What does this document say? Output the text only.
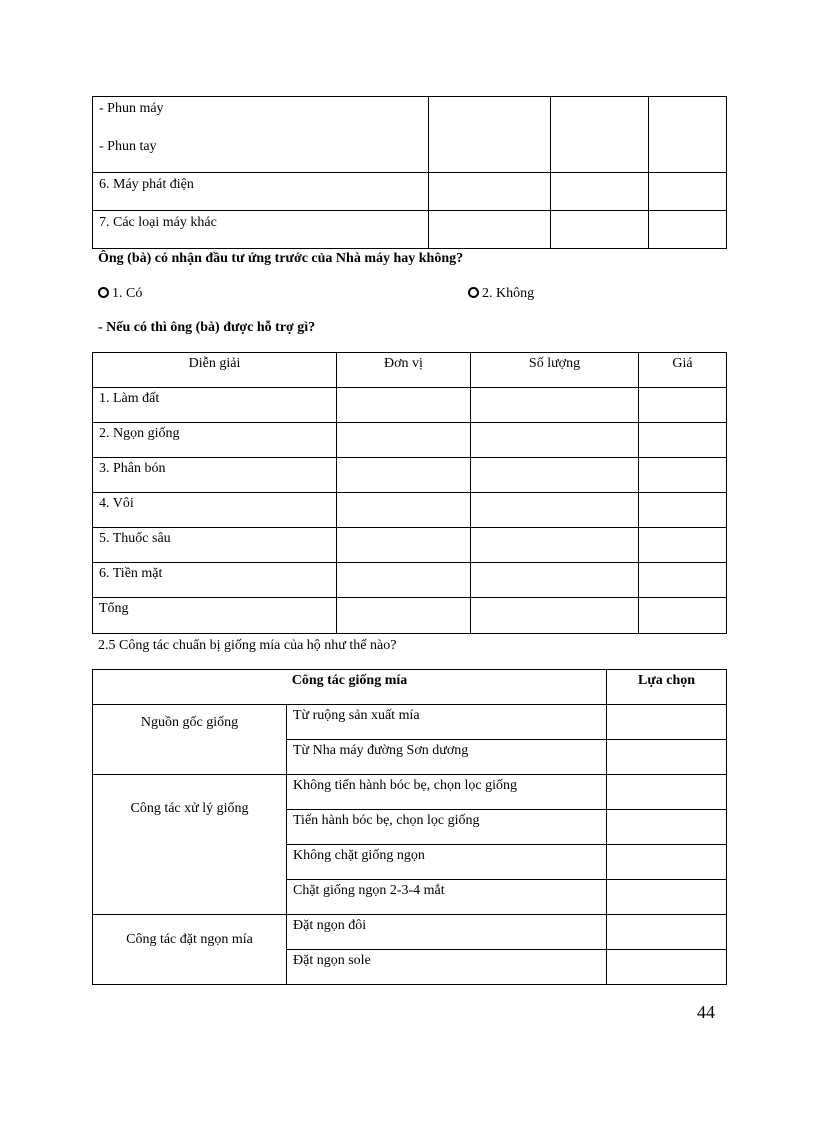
- Phun máy
- Phun tay			

6. Máy phát điện			
7. Các loại máy khác			
Ông (bà) có nhận đầu tư ứng trước của Nhà máy hay không?
1. Có	2. Không
- Nếu có thì ông (bà) được hỗ trợ gì?
Diễn giải	Đơn vị	Số lượng	Giá
1. Làm đất			
2. Ngọn giống			
3. Phân bón			
4. Vôi			
5. Thuốc sâu			
6. Tiền mặt			
Tổng			
2.5 Công tác chuẩn bị giống mía của hộ như thế nào?
Công tác giống mía		Lựa chọn
Nguồn gốc giống	Từ ruộng sản xuất mía	
	Từ Nha máy đường Sơn dương	
Công tác xử lý giống	Không tiến hành bóc bẹ, chọn lọc giống	
	Tiến hành bóc bẹ, chọn lọc giống	
	Không chặt giống ngọn	
	Chặt giống ngọn 2-3-4 mắt	
Công tác đặt ngọn mía	Đặt ngọn đôi	
	Đặt ngọn sole	
44
